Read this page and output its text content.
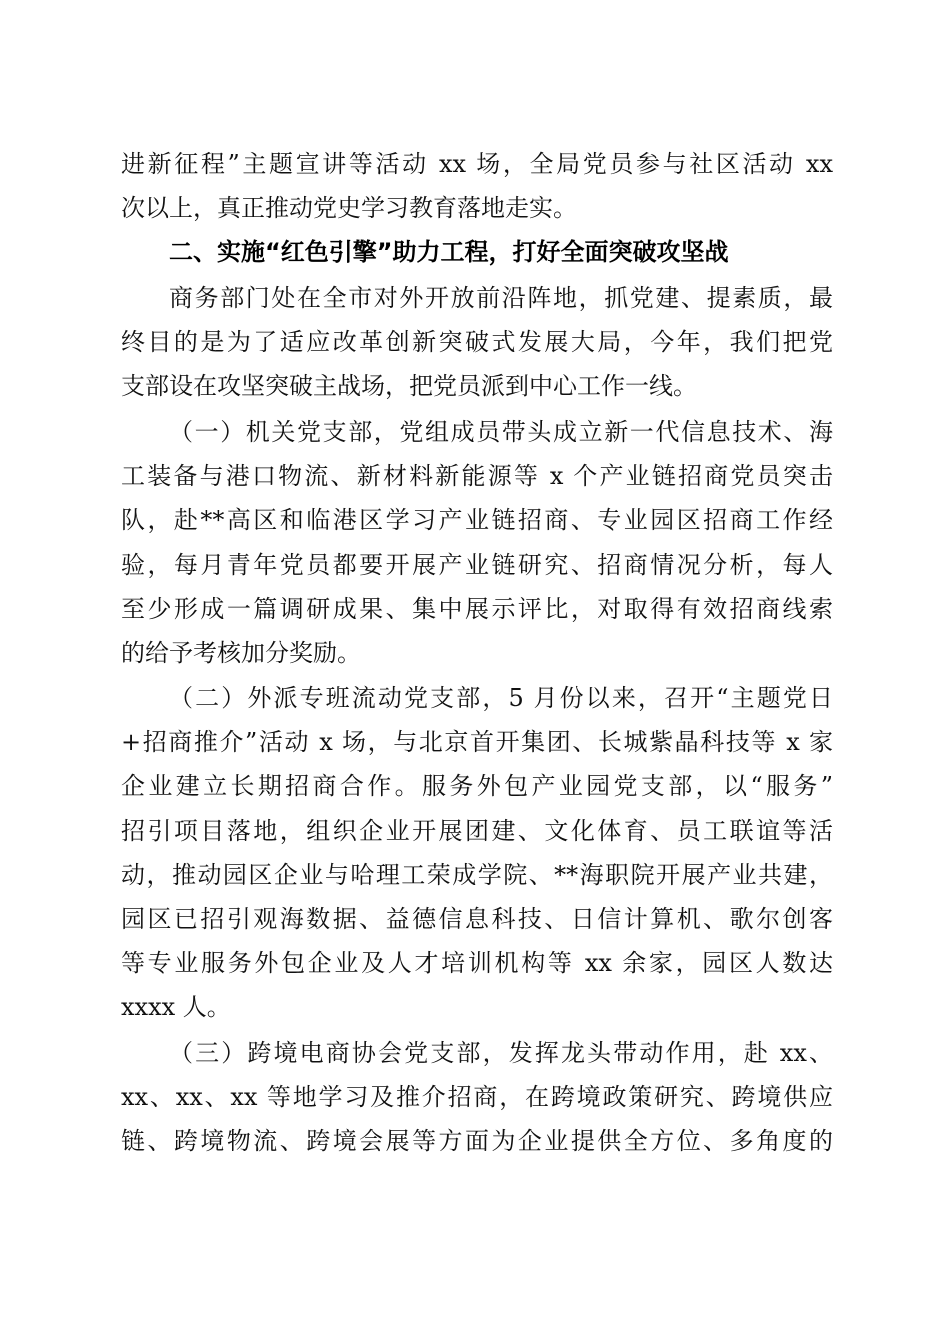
进新征程”主题宣讲等活动 xx 场，全局党员参与社区活动 xx
次以上，真正推动党史学习教育落地走实。
二、实施“红色引擎”助力工程，打好全面突破攻坚战
商务部门处在全市对外开放前沿阵地，抓党建、提素质，最
终目的是为了适应改革创新突破式发展大局，今年，我们把党
支部设在攻坚突破主战场，把党员派到中心工作一线。
（一）机关党支部，党组成员带头成立新一代信息技术、海
工装备与港口物流、新材料新能源等 x 个产业链招商党员突击
队，赴**高区和临港区学习产业链招商、专业园区招商工作经
验，每月青年党员都要开展产业链研究、招商情况分析，每人
至少形成一篇调研成果、集中展示评比，对取得有效招商线索
的给予考核加分奖励。
（二）外派专班流动党支部，5 月份以来，召开“主题党日
+招商推介”活动 x 场，与北京首开集团、长城紫晶科技等 x 家
企业建立长期招商合作。服务外包产业园党支部，以“服务”
招引项目落地，组织企业开展团建、文化体育、员工联谊等活
动，推动园区企业与哈理工荣成学院、**海职院开展产业共建，
园区已招引观海数据、益德信息科技、日信计算机、歌尔创客
等专业服务外包企业及人才培训机构等 xx 余家，园区人数达
xxxx 人。
（三）跨境电商协会党支部，发挥龙头带动作用，赴 xx、
xx、xx、xx 等地学习及推介招商，在跨境政策研究、跨境供应
链、跨境物流、跨境会展等方面为企业提供全方位、多角度的
